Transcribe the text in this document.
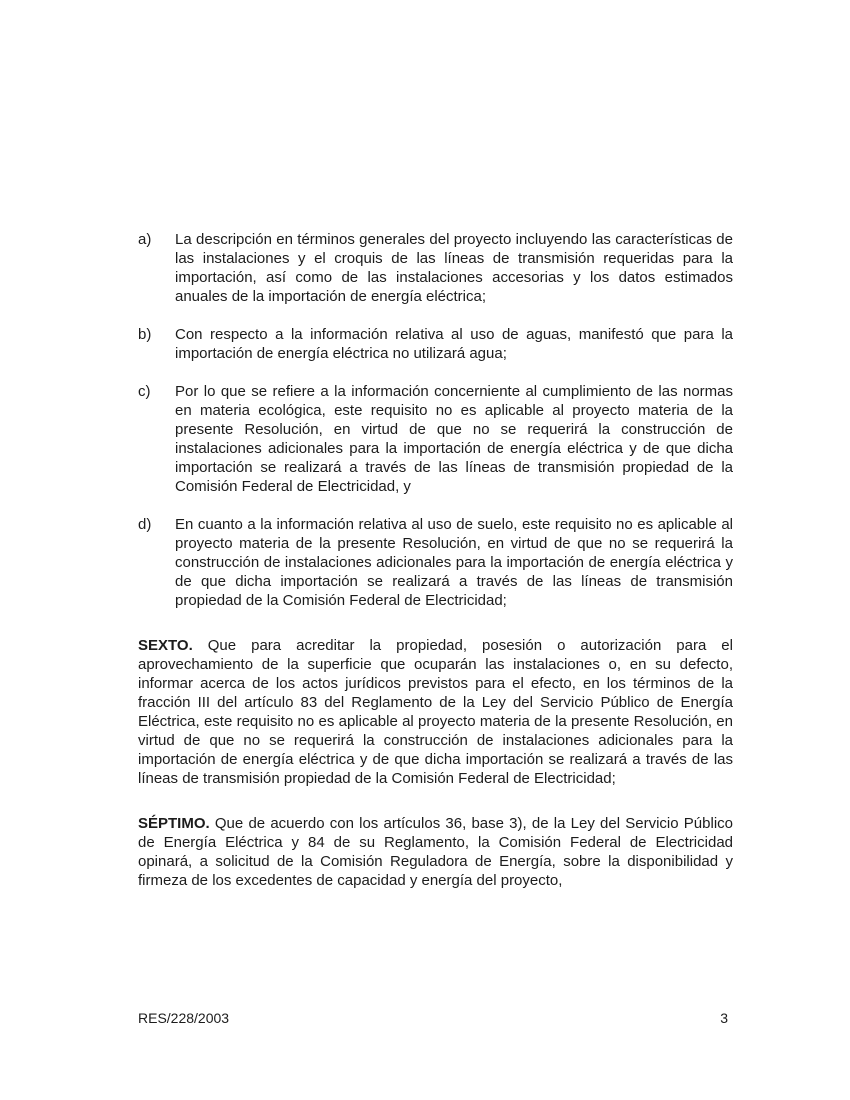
a)	La descripción en términos generales del proyecto incluyendo las características de las instalaciones y el croquis de las líneas de transmisión requeridas para la importación, así como de las instalaciones accesorias y los datos estimados anuales de la importación de energía eléctrica;
b)	Con respecto a la información relativa al uso de aguas, manifestó que para la importación de energía eléctrica no utilizará agua;
c)	Por lo que se refiere a la información concerniente al cumplimiento de las normas en materia ecológica, este requisito no es aplicable al proyecto materia de la presente Resolución, en virtud de que no se requerirá la construcción de instalaciones adicionales para la importación de energía eléctrica y de que dicha importación se realizará a través de las líneas de transmisión propiedad de la Comisión Federal de Electricidad, y
d)	En cuanto a la información relativa al uso de suelo, este requisito no es aplicable al proyecto materia de la presente Resolución, en virtud de que no se requerirá la construcción de instalaciones adicionales para la importación de energía eléctrica y de que dicha importación se realizará a través de las líneas de transmisión propiedad de la Comisión Federal de Electricidad;

SEXTO. Que para acreditar la propiedad, posesión o autorización para el aprovechamiento de la superficie que ocuparán las instalaciones o, en su defecto, informar acerca de los actos jurídicos previstos para el efecto, en los términos de la fracción III del artículo 83 del Reglamento de la Ley del Servicio Público de Energía Eléctrica, este requisito no es aplicable al proyecto materia de la presente Resolución, en virtud de que no se requerirá la construcción de instalaciones adicionales para la importación de energía eléctrica y de que dicha importación se realizará a través de las líneas de transmisión propiedad de la Comisión Federal de Electricidad;

SÉPTIMO. Que de acuerdo con los artículos 36, base 3), de la Ley del Servicio Público de Energía Eléctrica y 84 de su Reglamento, la Comisión Federal de Electricidad opinará, a solicitud de la Comisión Reguladora de Energía, sobre la disponibilidad y firmeza de los excedentes de capacidad y energía del proyecto,

RES/228/2003	3
